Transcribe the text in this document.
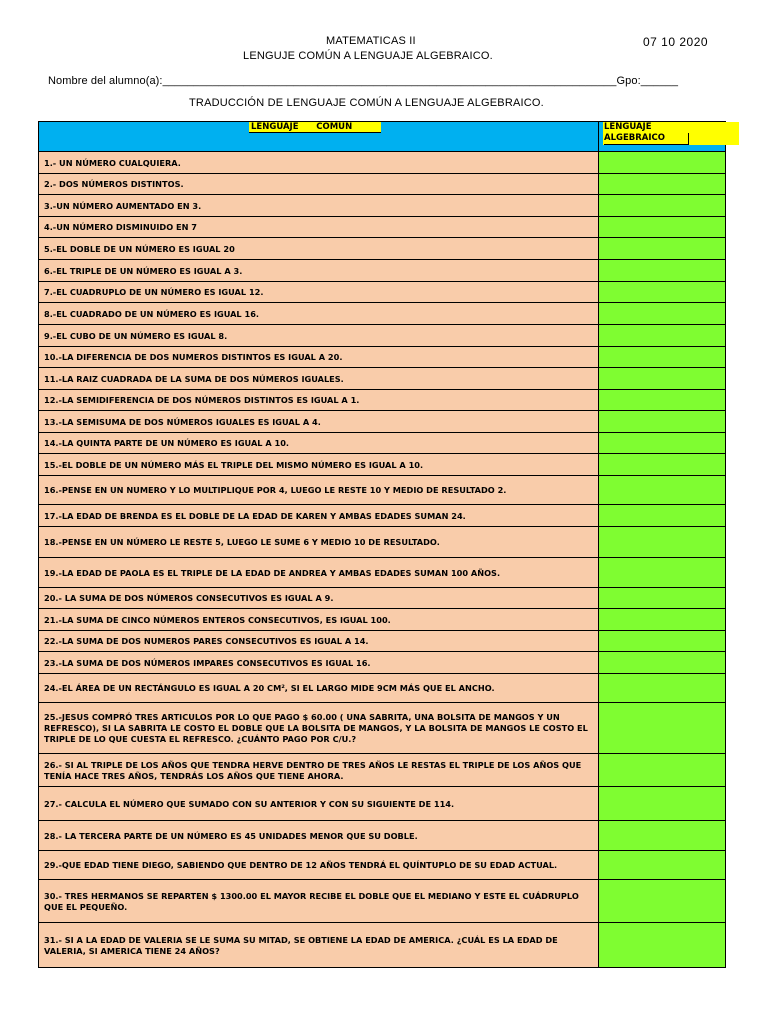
MATEMATICAS II	07 10 2020
LENGUJE COMÚN A LENGUAJE ALGEBRAICO.
Nombre del alumno(a):_________________________________________________________________________Gpo:______
TRADUCCIÓN DE LENGUAJE COMÚN A LENGUAJE ALGEBRAICO.
LENGUAJE      COMUN	LENGUAJE
ALGEBRAICO
1.- UN NÚMERO CUALQUIERA.
2.- DOS NÚMEROS DISTINTOS.
3.-UN NÚMERO AUMENTADO EN 3.
4.-UN NÚMERO DISMINUIDO EN 7
5.-EL DOBLE DE UN NÚMERO ES IGUAL 20
6.-EL TRIPLE DE UN NÚMERO ES IGUAL A 3.
7.-EL CUADRUPLO DE UN NÚMERO ES IGUAL 12.
8.-EL CUADRADO DE UN NÚMERO ES IGUAL 16.
9.-EL CUBO DE UN NÚMERO ES IGUAL 8.
10.-LA DIFERENCIA DE DOS NUMEROS DISTINTOS ES IGUAL A 20.
11.-LA RAIZ CUADRADA DE LA SUMA DE DOS NÚMEROS IGUALES.
12.-LA SEMIDIFERENCIA DE DOS NÚMEROS DISTINTOS ES IGUAL A 1.
13.-LA SEMISUMA DE DOS NÚMEROS IGUALES ES IGUAL A 4.
14.-LA QUINTA PARTE DE UN NÚMERO ES IGUAL A 10.
15.-EL DOBLE DE UN NÚMERO MÁS EL TRIPLE DEL MISMO NÚMERO ES IGUAL A 10.
16.-PENSE EN UN NUMERO Y LO MULTIPLIQUE POR 4, LUEGO LE RESTE 10 Y MEDIO DE RESULTADO 2.
17.-LA EDAD DE BRENDA ES EL DOBLE DE LA EDAD DE KAREN Y AMBAS EDADES SUMAN 24.
18.-PENSE EN UN NÚMERO LE RESTE 5, LUEGO LE SUME 6 Y MEDIO 10 DE RESULTADO.
19.-LA EDAD DE PAOLA ES EL TRIPLE DE LA EDAD DE ANDREA Y AMBAS EDADES SUMAN 100 AÑOS.
20.- LA SUMA DE DOS NÚMEROS CONSECUTIVOS ES IGUAL A 9.
21.-LA SUMA DE CINCO NÚMEROS ENTEROS CONSECUTIVOS, ES IGUAL 100.
22.-LA SUMA DE DOS NUMEROS PARES CONSECUTIVOS ES IGUAL A 14.
23.-LA SUMA DE DOS NÚMEROS IMPARES CONSECUTIVOS ES IGUAL 16.
24.-EL ÁREA DE UN RECTÁNGULO ES IGUAL A 20 CM², SI EL LARGO MIDE 9CM MÁS QUE EL ANCHO.
25.-JESUS COMPRÓ TRES ARTICULOS POR LO QUE PAGO $ 60.00 ( UNA SABRITA, UNA BOLSITA DE MANGOS Y UN REFRESCO), SI LA SABRITA LE COSTO EL DOBLE QUE LA BOLSITA DE MANGOS, Y LA BOLSITA DE MANGOS LE COSTO EL TRIPLE DE LO QUE CUESTA EL REFRESCO. ¿CUÁNTO PAGO POR C/U.?
26.- SI AL TRIPLE DE LOS AÑOS QUE TENDRA HERVE DENTRO DE TRES AÑOS LE RESTAS EL TRIPLE DE LOS AÑOS QUE TENÍA HACE TRES AÑOS, TENDRÁS LOS AÑOS QUE TIENE AHORA.
27.- CALCULA EL NÚMERO QUE SUMADO CON SU ANTERIOR Y CON SU SIGUIENTE DE 114.
28.- LA TERCERA PARTE DE UN NÚMERO ES 45 UNIDADES MENOR QUE SU DOBLE.
29.-QUE EDAD TIENE DIEGO, SABIENDO QUE DENTRO DE 12 AÑOS TENDRÁ EL QUÍNTUPLO DE SU EDAD ACTUAL.
30.- TRES HERMANOS SE REPARTEN $ 1300.00 EL MAYOR RECIBE EL DOBLE QUE EL MEDIANO Y ESTE EL CUÁDRUPLO QUE EL PEQUEÑO.
31.- SI A LA EDAD DE VALERIA SE LE SUMA SU MITAD, SE OBTIENE LA EDAD DE AMERICA. ¿CUÁL ES LA EDAD DE VALERIA, SI AMERICA TIENE 24 AÑOS?
